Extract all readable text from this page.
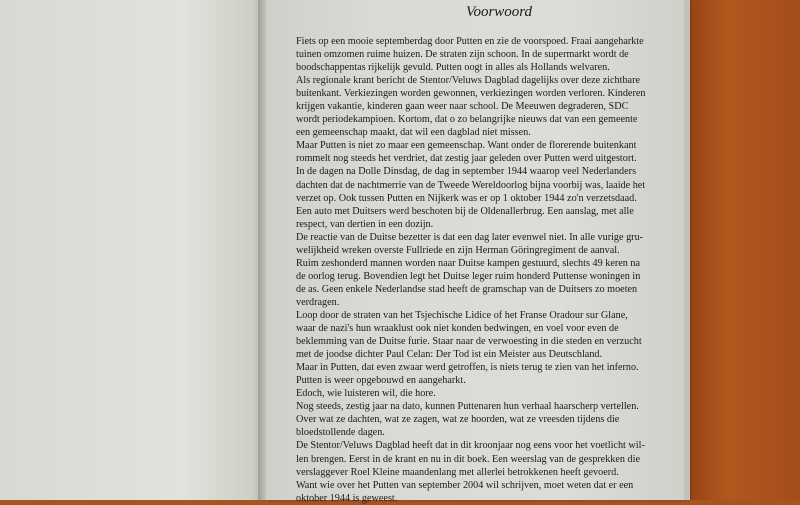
Voorwoord

Fiets op een mooie septemberdag door Putten en zie de voorspoed. Fraai aangeharkte

tuinen omzomen ruime huizen. De straten zijn schoon. In de supermarkt wordt de

boodschappentas rijkelijk gevuld. Putten oogt in alles als Hollands welvaren.

Als regionale krant bericht de Stentor/Veluws Dagblad dagelijks over deze zichtbare

buitenkant. Verkiezingen worden gewonnen, verkiezingen worden verloren. Kinderen

krijgen vakantie, kinderen gaan weer naar school. De Meeuwen degraderen, SDC

wordt periodekampioen. Kortom, dat o zo belangrijke nieuws dat van een gemeente

een gemeenschap maakt, dat wil een dagblad niet missen.

Maar Putten is niet zo maar een gemeenschap. Want onder de florerende buitenkant

rommelt nog steeds het verdriet, dat zestig jaar geleden over Putten werd uitgestort.

In de dagen na Dolle Dinsdag, de dag in september 1944 waarop veel Nederlanders

dachten dat de nachtmerrie van de Tweede Wereldoorlog bijna voorbij was, laaide het

verzet op. Ook tussen Putten en Nijkerk was er op 1 oktober 1944 zo'n verzetsdaad.

Een auto met Duitsers werd beschoten bij de Oldenallerbrug. Een aanslag, met alle

respect, van dertien in een dozijn.

De reactie van de Duitse bezetter is dat een dag later evenwel niet. In alle vurige gru-

welijkheid wreken overste Fullriede en zijn Herman Göringregiment de aanval.

Ruim zeshonderd mannen worden naar Duitse kampen gestuurd, slechts 49 keren na

de oorlog terug. Bovendien legt het Duitse leger ruim honderd Puttense woningen in

de as. Geen enkele Nederlandse stad heeft de gramschap van de Duitsers zo moeten

verdragen.

Loop door de straten van het Tsjechische Lidice of het Franse Oradour sur Glane,

waar de nazi's hun wraaklust ook niet konden bedwingen, en voel voor even de

beklemming van de Duitse furie. Staar naar de verwoesting in die steden en verzucht

met de joodse dichter Paul Celan: Der Tod ist ein Meister aus Deutschland.

Maar in Putten, dat even zwaar werd getroffen, is niets terug te zien van het inferno.

Putten is weer opgebouwd en aangeharkt.

Edoch, wie luisteren wil, die hore.

Nog steeds, zestig jaar na dato, kunnen Puttenaren hun verhaal haarscherp vertellen.

Over wat ze dachten, wat ze zagen, wat ze hoorden, wat ze vreesden tijdens die

bloedstollende dagen.

De Stentor/Veluws Dagblad heeft dat in dit kroonjaar nog eens voor het voetlicht wil-

len brengen. Eerst in de krant en nu in dit boek. Een weerslag van de gesprekken die

verslaggever Roel Kleine maandenlang met allerlei betrokkenen heeft gevoerd.

Want wie over het Putten van september 2004 wil schrijven, moet weten dat er een

oktober 1944 is geweest.
